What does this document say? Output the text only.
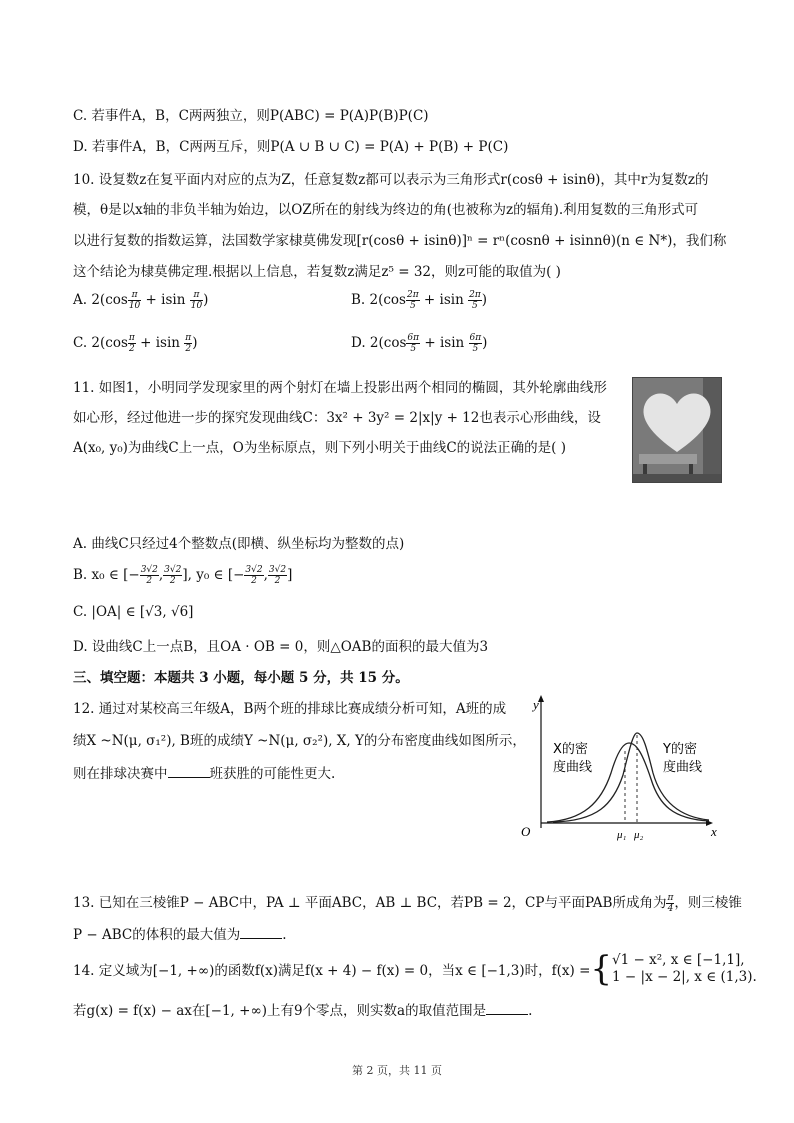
C. 若事件A，B，C两两独立，则P(ABC) = P(A)P(B)P(C)
D. 若事件A，B，C两两互斥，则P(A ∪ B ∪ C) = P(A) + P(B) + P(C)
10. 设复数z在复平面内对应的点为Z，任意复数z都可以表示为三角形式r(cosθ + isinθ)，其中r为复数z的
模，θ是以x轴的非负半轴为始边，以OZ所在的射线为终边的角(也被称为z的辐角).利用复数的三角形式可
以进行复数的指数运算，法国数学家棣莫佛发现[r(cosθ + isinθ)]ⁿ = rⁿ(cosnθ + isinnθ)(n ∈ N*)，我们称
这个结论为棣莫佛定理.根据以上信息，若复数z满足z⁵ = 32，则z可能的取值为( )
A. $2(\cos \frac{\pi}{10} + isin \frac{\pi}{10}$ )	B. $2(\cos \frac{2\pi}{5} + isin \frac{2\pi}{5}$ )
C. $2(\cos \frac{\pi}{2} + isin \frac{\pi}{2}$ )	D. $2(\cos \frac{6\pi}{5} + isin \frac{6\pi}{5}$ )
11. 如图1，小明同学发现家里的两个射灯在墙上投影出两个相同的椭圆，其外轮廓曲线形
如心形，经过他进一步的探究发现曲线C：3x² + 3y² = 2|x|y + 12也表示心形曲线，设
A(x₀, y₀)为曲线C上一点，O为坐标原点，则下列小明关于曲线C的说法正确的是( )
A. 曲线C只经过4个整数点(即横、纵坐标均为整数的点)
B. x₀ ∈ [− $\frac{3√2}{2}$ , $\frac{3√2}{2}$ ], y₀ ∈ [− $\frac{3√2}{2}$ , $\frac{3√2}{2}$ ]
C. |OA| ∈ [√3, √6]
D. 设曲线C上一点B，且OA · OB = 0，则△OAB的面积的最大值为3
三、填空题：本题共 3 小题，每小题 5 分，共 15 分。
12. 通过对某校高三年级A，B两个班的排球比赛成绩分析可知，A班的成
绩X ~N(μ, σ₁²), B班的成绩Y ~N(μ, σ₂²), X, Y的分布密度曲线如图所示，
则在排球决赛中	班获胜的可能性更大.
y
x
O
X的密
度曲线
Y的密
度曲线
μ₁ μ₂
13. 已知在三棱锥P − ABC中，PA ⊥ 平面ABC，AB ⊥ BC，若PB = 2，CP与平面PAB所成角为 $\frac{\pi}{4}$ ，则三棱锥
P − ABC的体积的最大值为	.
14. 定义域为[−1, +∞)的函数f(x)满足f(x + 4) − f(x) = 0，当x ∈ [−1,3)时，f(x) ={ √1 − x², x ∈ [−1,1],
1 − |x − 2|, x ∈ (1,3).
若g(x) = f(x) − ax在[−1, +∞)上有9个零点，则实数a的取值范围是	.
第 2 页，共 11 页
